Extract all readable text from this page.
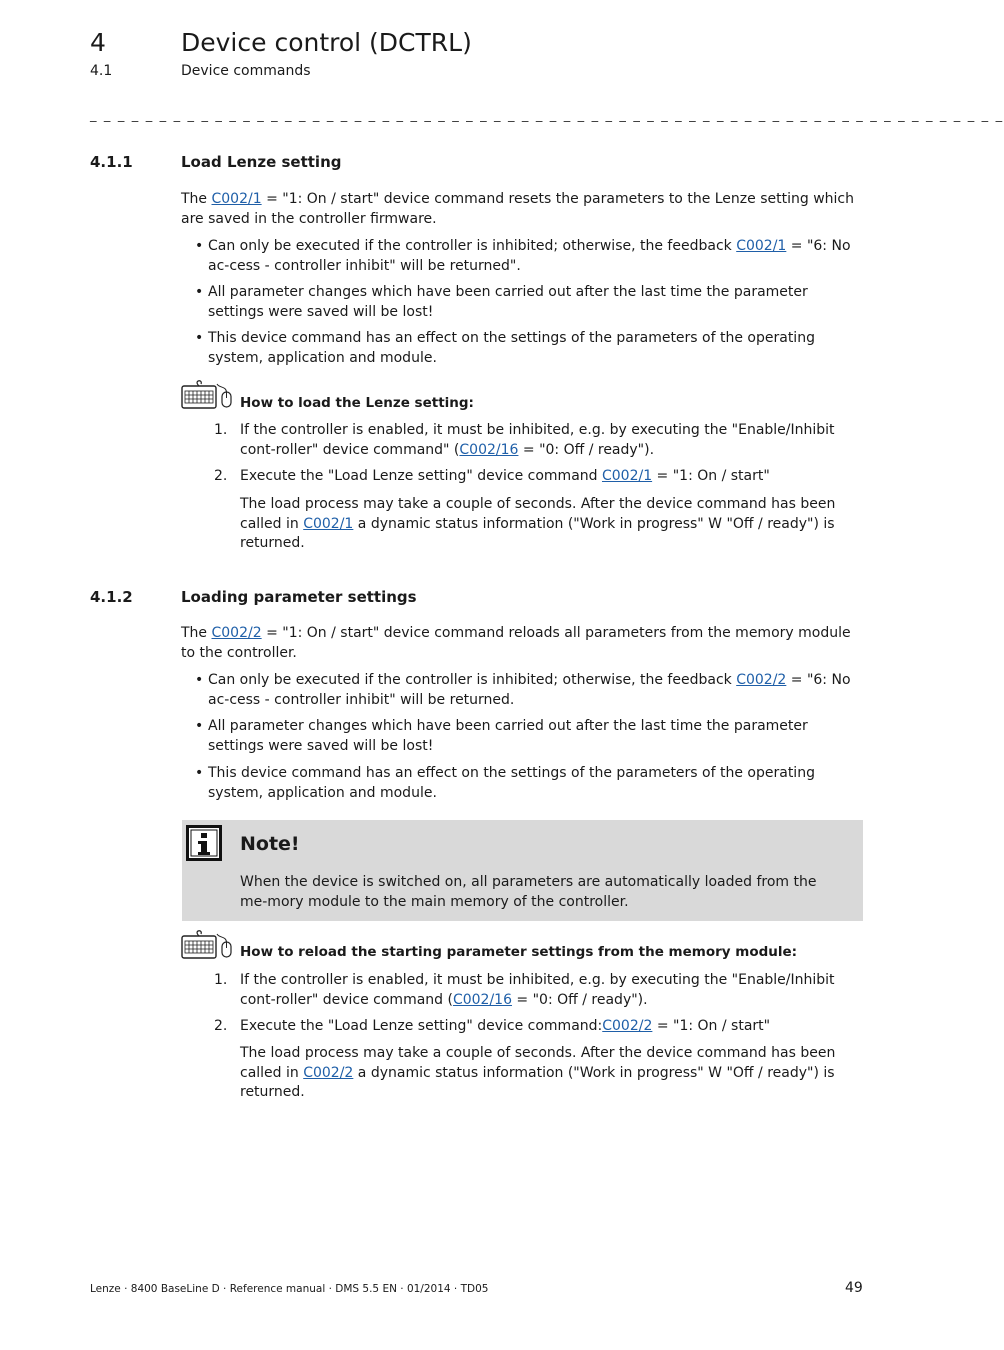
4	Device control (DCTRL)
4.1	Device commands
_ _ _ _ _ _ _ _ _ _ _ _ _ _ _ _ _ _ _ _ _ _ _ _ _ _ _ _ _ _ _ _ _ _ _ _ _ _ _ _ _ _ _ _ _ _ _ _ _ _ _ _ _ _ _ _ _ _ _ _ _ _ _ _ _ _
4.1.1	Load Lenze setting
The C002/1 = "1: On / start" device command resets the parameters to the Lenze setting which are saved in the controller firmware.
• Can only be executed if the controller is inhibited; otherwise, the feedback C002/1 = "6: No ac-cess - controller inhibit" will be returned".
• All parameter changes which have been carried out after the last time the parameter settings were saved will be lost!
• This device command has an effect on the settings of the parameters of the operating system, application and module.
How to load the Lenze setting:
1. If the controller is enabled, it must be inhibited, e.g. by executing the "Enable/Inhibit cont-roller" device command" (C002/16 = "0: Off / ready").
2. Execute the "Load Lenze setting" device command C002/1 = "1: On / start"
The load process may take a couple of seconds. After the device command has been called in C002/1 a dynamic status information ("Work in progress" W "Off / ready") is returned.
4.1.2	Loading parameter settings
The C002/2 = "1: On / start" device command reloads all parameters from the memory module to the controller.
• Can only be executed if the controller is inhibited; otherwise, the feedback C002/2 = "6: No ac-cess - controller inhibit" will be returned.
• All parameter changes which have been carried out after the last time the parameter settings were saved will be lost!
• This device command has an effect on the settings of the parameters of the operating system, application and module.
Note!
When the device is switched on, all parameters are automatically loaded from the me-mory module to the main memory of the controller.
How to reload the starting parameter settings from the memory module:
1. If the controller is enabled, it must be inhibited, e.g. by executing the "Enable/Inhibit cont-roller" device command (C002/16 = "0: Off / ready").
2. Execute the "Load Lenze setting" device command:C002/2 = "1: On / start"
The load process may take a couple of seconds. After the device command has been called in C002/2 a dynamic status information ("Work in progress" W "Off / ready") is returned.
Lenze · 8400 BaseLine D · Reference manual · DMS 5.5 EN · 01/2014 · TD05	49
